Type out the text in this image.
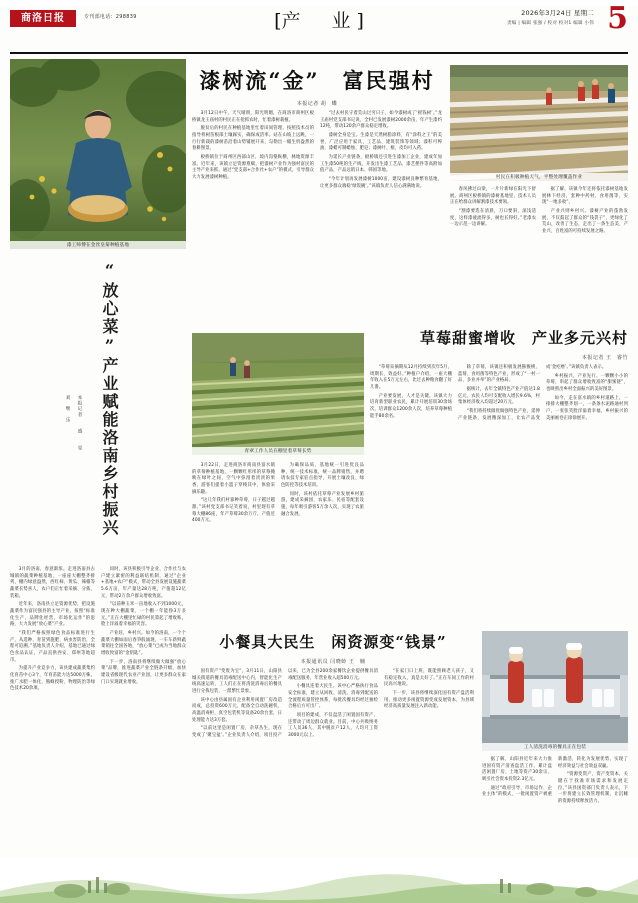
商洛日报	专刊部电话：298839	[产　业]	2026年3月24日 星期二
责编 | 编辑 张强 / 校对 校对1 编辑 小伟 5
漆工师傅在金丝皇菊种植基地
漆树流“金”　富民强村
本报记者 胡　蝶

3月12日中午，天气晴朗，阳光明媚，在商洛市商州区板桥镇龙王庙村的村民正在抢抓农时，忙着漆树栽植。

脱贫后的村民在种植基地里忙着田间管理，按照技术员的指导将树苗根部土壤踩实，确保成活率。站在山坡上远眺，一行行新栽的漆树苗沿着山势铺展开来，勾勒出一幅生机盎然的春耕图景。

板桥镇位于商州区西部山区，境内沟壑纵横，林地资源丰富。近年来，该镇立足资源禀赋，把漆树产业作为强村富民的主导产业来抓，通过“党支部+合作社+农户”的模式，引导群众大力发展漆树种植。

“过去村民守着荒山过穷日子，如今漆树成了‘摇钱树’。”龙王庙村党支部书记说，全村已发展漆树2000余亩，年产生漆约12吨，带动120余户群众稳定增收。

漆树全身是宝。生漆是天然树脂涂料，有“涂料之王”的美誉，广泛应用于家具、工艺品、建筑装饰等领域；漆籽可榨油，漆蜡可制蜡烛、肥皂；漆树叶、根、皮均可入药。

为延长产业链条，板桥镇还引进生漆加工企业，建成年加工生漆50吨的生产线，开发出生漆工艺品、漆艺摆件等高附加值产品，产品远销日本、韩国等地。

“今年计划再发展漆树1000亩，建设漆树良种繁育基地，让更多群众端稳‘绿饭碗’。”该镇负责人信心满满地说。

村民在积极种植天气，平整处理覆盖作业

春风拂过山梁，一片片新绿在阳光下舒展。商州区板桥镇的漆树基地里，技术人员正在给群众讲解割漆技术要领。

“割漆要选在清晨，刀口要斜，深浅适度，这样漆液流得多，树也长得好。”老漆农一边示范一边讲解。

据了解，该镇今年还将依托漆树基地发展林下经济，套种中药材、食用菌等，实现“一地多收”。

产业兴则乡村兴。漆树产业的蓬勃发展，不仅鼓起了群众的“钱袋子”，更绿化了荒山，改善了生态，走出了一条生态美、产业兴、百姓富的可持续发展之路。

“放心菜”产业赋能洛南乡村振兴
本报记者　　盛　　堂
刘　继　乐

3月的洛南，春意渐浓。走进洛南县古城镇的蔬菜种植基地，一座座大棚整齐排列，棚内绿意盎然，西红柿、黄瓜、辣椒等蔬菜长势喜人，农户们正忙着采摘、分拣、装箱。

近年来，洛南县立足资源优势，把设施蔬菜作为富民强县的主导产业，按照“标准化生产、品牌化经营、市场化运作”的思路，大力发展“放心菜”产业。

“我们严格按照绿色食品标准进行生产，从选种、育苗到施肥、病虫害防治，全程可追溯。”基地负责人介绍，基地已通过绿色食品认证，产品直供西安、郑州等地超市。

为提升产业竞争力，该县建成蔬菜集约化育苗中心3个，年育苗能力达5000万株，推广水肥一体化、熊蜂授粉、物理防治等绿色技术20余项。

同时，该县积极引导企业、合作社与农户建立紧密的利益联结机制，通过“企业+基地+农户”模式，带动全县发展设施蔬菜5.6万亩，年产量达28万吨，产值超12亿元，带动2万余户群众增收致富。

“以前种玉米一亩地收入不到1000元，现在种大棚蔬菜，一个棚一年能挣3万多元。”正在大棚里忙碌的村民算起了增收账，脸上洋溢着幸福的笑容。

产业旺，乡村兴。如今的洛南，一个个蔬菜大棚如雨后春笋般涌现，一车车新鲜蔬菜销往全国各地，“放心菜”已成为当地群众增收致富的“金钥匙”。

下一步，洛南县将继续做大做强“放心菜”品牌，推进蔬菜产业全链条升级，加快建设省级现代农业产业园，让更多群众在家门口实现就业增收。

青翠工作人员在棚里着草莓长势
草莓甜蜜增收　产业多元兴村
本报记者 王　睿竹

“草莓采摘期从12月持续到次年5月，周期长、效益好。”种植户介绍，一座大棚年收入在5万元左右，比过去种粮食翻了好几番。

产业要发展，人才是关键。该镇大力培育新型职业农民，累计开展培训30余场次，培训群众1200余人次，培养草莓种植能手80余名。

除了草莓，该镇还积极发展猕猴桃、蓝莓、食用菌等特色产业，形成了“一村一品、多业并举”的产业格局。

据统计，去年全镇特色产业产值达1.8亿元，农民人均可支配收入增长9.6%，村集体经济收入均超过20万元。

“我们将持续做优做强特色产业，延伸产业链条，发展精深加工，让农产品变成‘金疙瘩’。”该镇负责人表示。

乡村振兴，产业先行。一颗颗小小的草莓，串起了群众增收致富的“甜蜜链”，也映照出乡村全面振兴的美好图景。

如今，走在富水镇的乡村道路上，一排排大棚整齐划一，一条条水泥路通村到户，一张张笑脸洋溢着幸福，乡村振兴的美丽画卷正徐徐展开。

3月22日，走进商洛市商南县富水镇的草莓种植基地，一颗颗红彤彤的草莓掩映在绿叶之间，空气中弥漫着淡淡的果香，游客们提着小篮子穿梭其中，体验采摘乐趣。

“这几年我们村靠种草莓，日子越过越甜。”该村党支部书记笑着说，村里现有草莓大棚86座，年产草莓30余万斤，产值近400万元。

为确保品质，基地统一引进优良品种，统一技术标准，统一品牌销售，并聘请农技专家驻点指导，开展土壤改良、绿色防控等技术培训。

同时，该村依托草莓产业发展乡村旅游，建成采摘园、农家乐、民宿等配套设施，每年吸引游客5万余人次，实现了农旅融合发展。

小餐具大民生　闲资源变“钱景”
本报通讯员 闫晓蛉 王　楠

国有资产“变废为宝”，3月11日，山阳县城关街道的餐具消毒配送中心内，智能化生产线高速运转，工人们正在将清洗消毒后的餐具进行分拣包装，一派繁忙景象。

该中心由县属国有企业利用闲置厂房改造而成，总投资600万元，配备全自动洗碗机、高温消毒柜、真空包装机等设备20余台套，日处理能力达3万套。

“以前这里是闲置厂房，杂草丛生，现在变成了‘聚宝盆’。”企业负责人介绍，项目投产以来，已为全县200余家餐饮企业提供餐具消毒配送服务，年营业收入超500万元。

小餐具连着大民生。该中心严格执行食品安全标准，建立从回收、清洗、消毒到配送的全流程质量管控体系，每批次餐具均经过抽检合格后方可出厂。

项目的建成，不仅盘活了闲置国有资产，还带动了周边群众就业。目前，中心共吸纳务工人员36人，其中脱贫户12人，人均月工资3000元以上。

“在家门口上班，既能照顾老人孩子，又有稳定收入，真是太好了。”正在车间工作的村民高兴地说。

下一步，该县将继续深化国有资产盘活利用，推动更多闲置资源变成发展资本，为县域经济高质量发展注入新动能。

工人清洗消毒的餐具正在包装

据了解，山阳县近年来大力推进国有资产清查盘活工作，累计盘活闲置厂房、土地等资产30余宗，吸引社会资本投资2.3亿元。

通过“政府引导、市场运作、企业主体”的模式，一批闲置资产被重新激活，转化为发展优势，实现了经济效益与社会效益双赢。

“资源变资产、资产变资本，关键在于找准市场需求和发展定位。”该县国资部门负责人表示，下一步将建立长效管理机制，让沉睡的资源持续释放活力。
